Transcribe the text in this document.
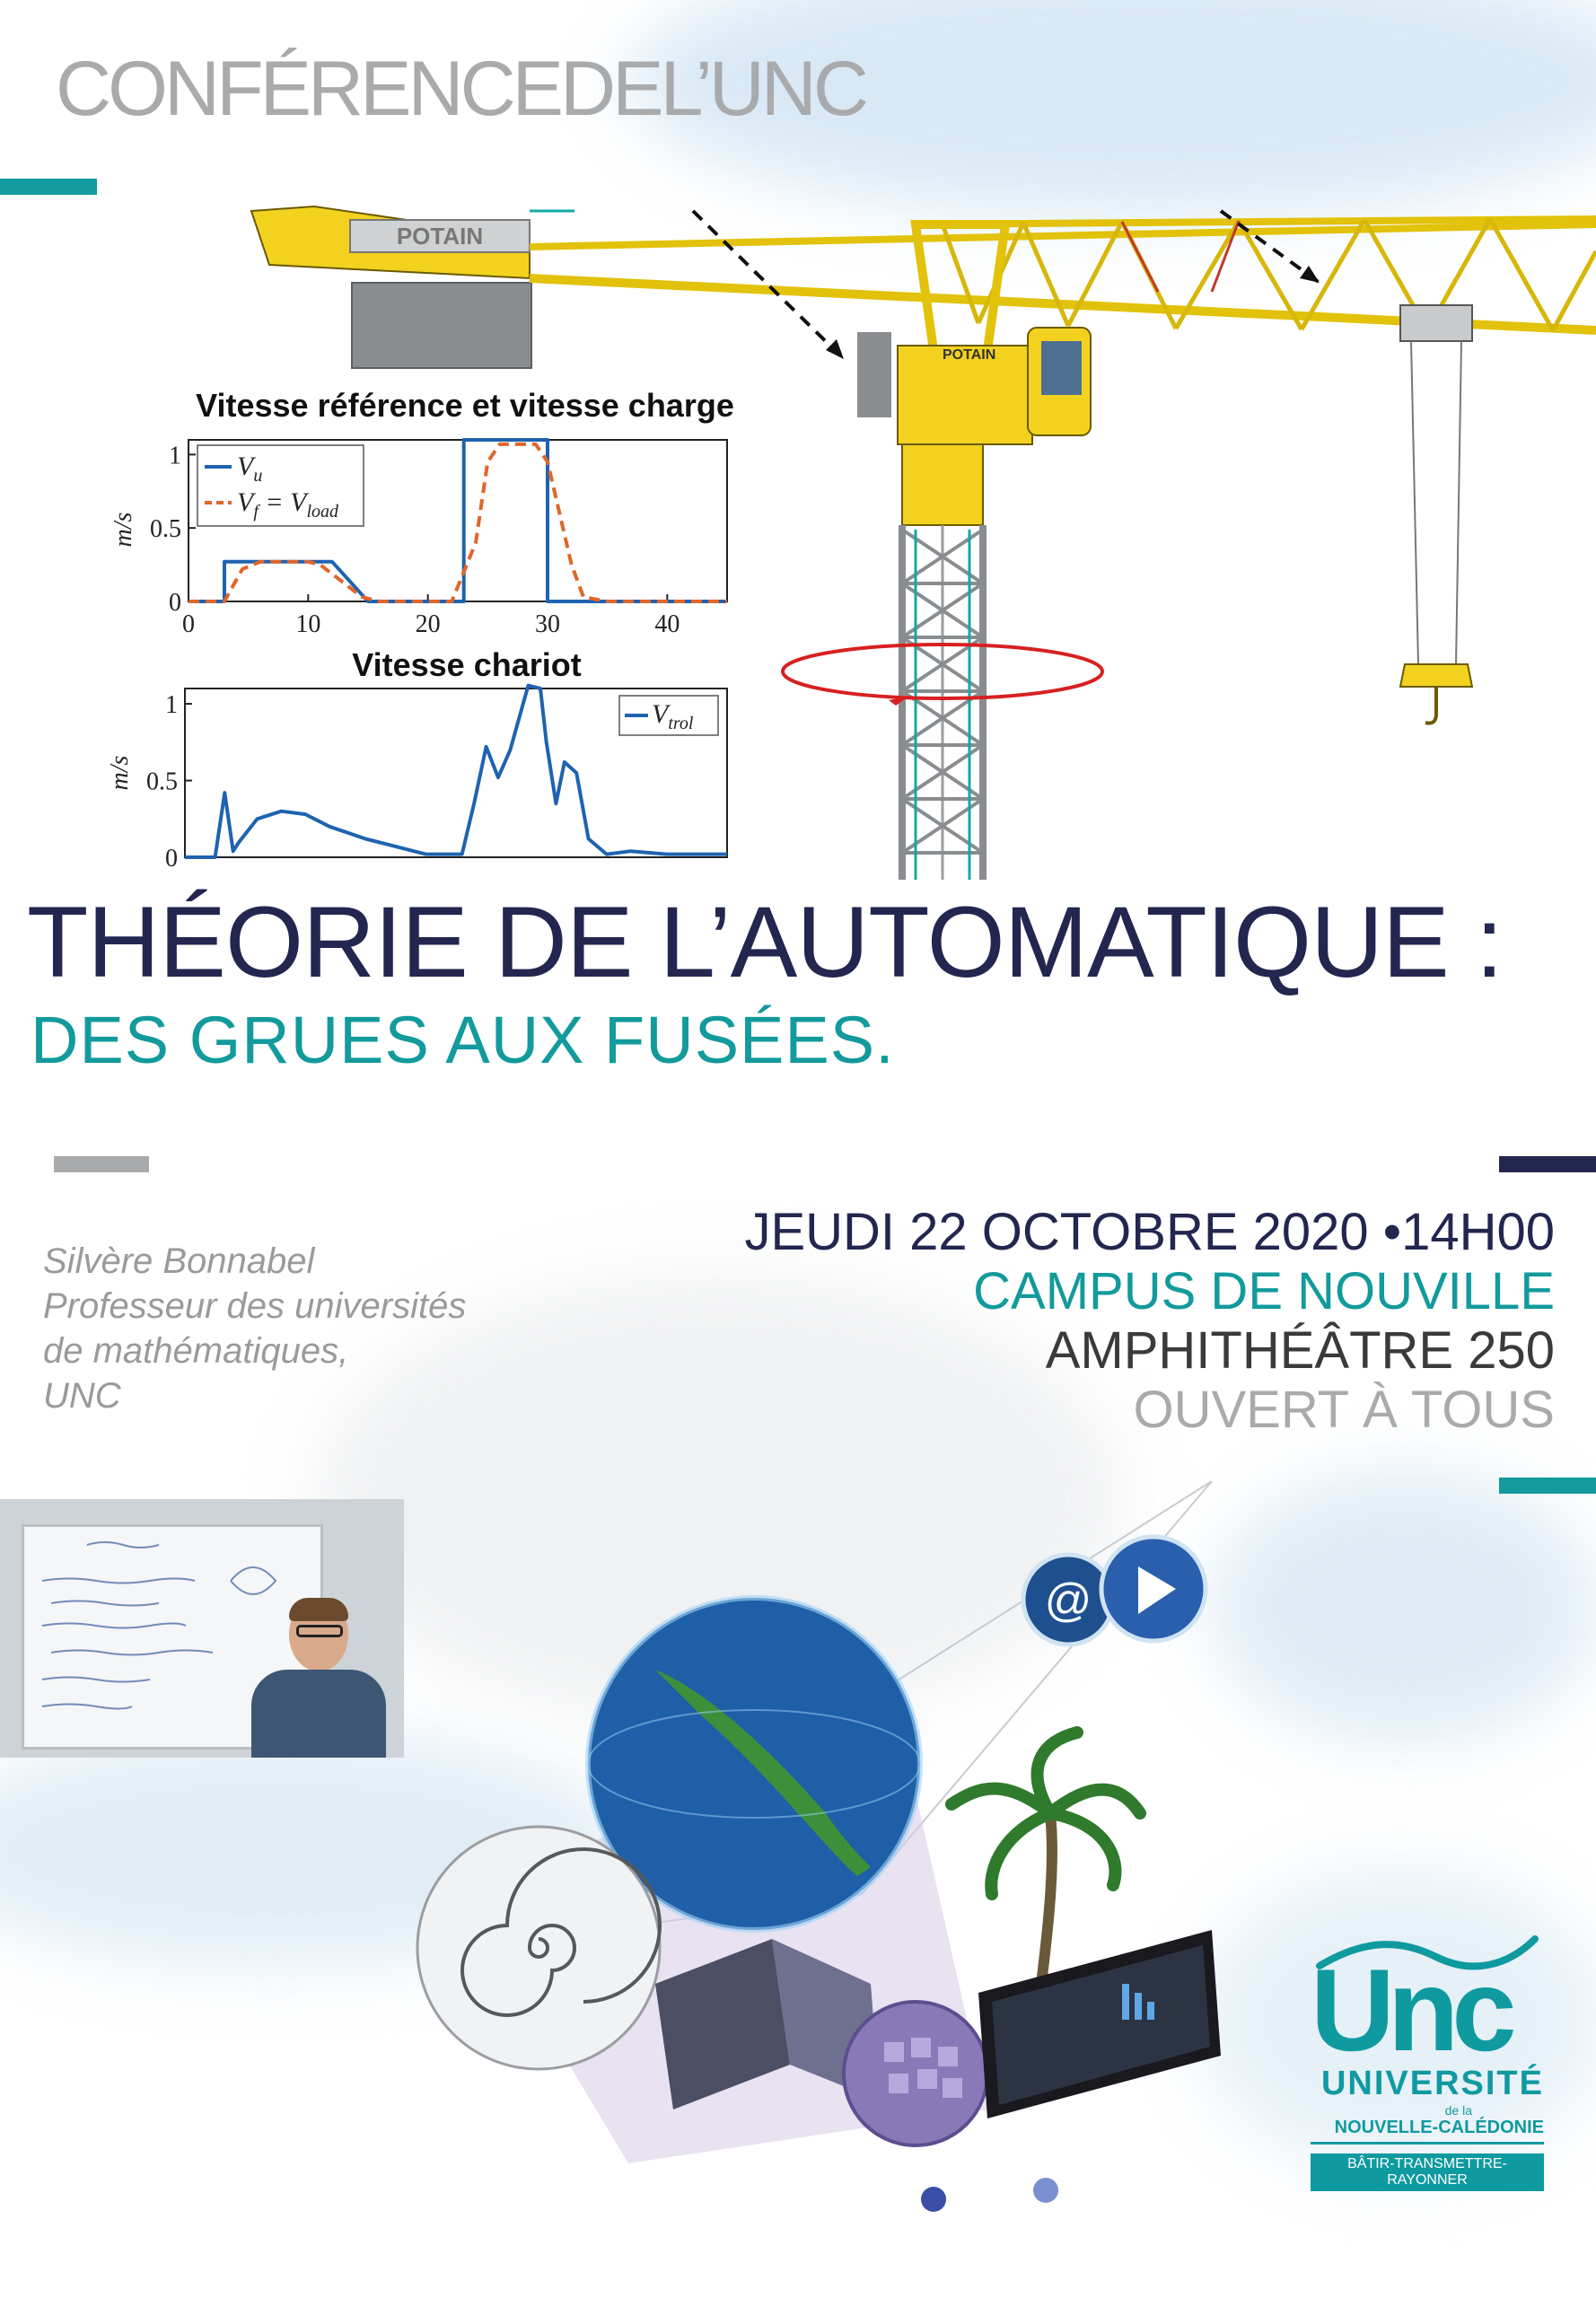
CONFÉRENCEDEL’UNC
POTAIN
POTAIN
Vitesse référence et vitesse charge
m/s
0
0.5
1
0	10	20	30	40
$V_u$
$V_f = V_{load}$
Vitesse chariot
m/s
0
0.5
1	$V_{trol}$
THÉORIE DE L’AUTOMATIQUE :
DES GRUES AUX FUSÉES.
Silvère Bonnabel
Professeur des universités
de mathématiques,
UNC
JEUDI 22 OCTOBRE 2020 •14H00
CAMPUS DE NOUVILLE
AMPHITHÉÂTRE 250
OUVERT À TOUS
@
Unc
UNIVERSITÉ
de la
NOUVELLE-CALÉDONIE
BÂTIR-TRANSMETTRE-RAYONNER
